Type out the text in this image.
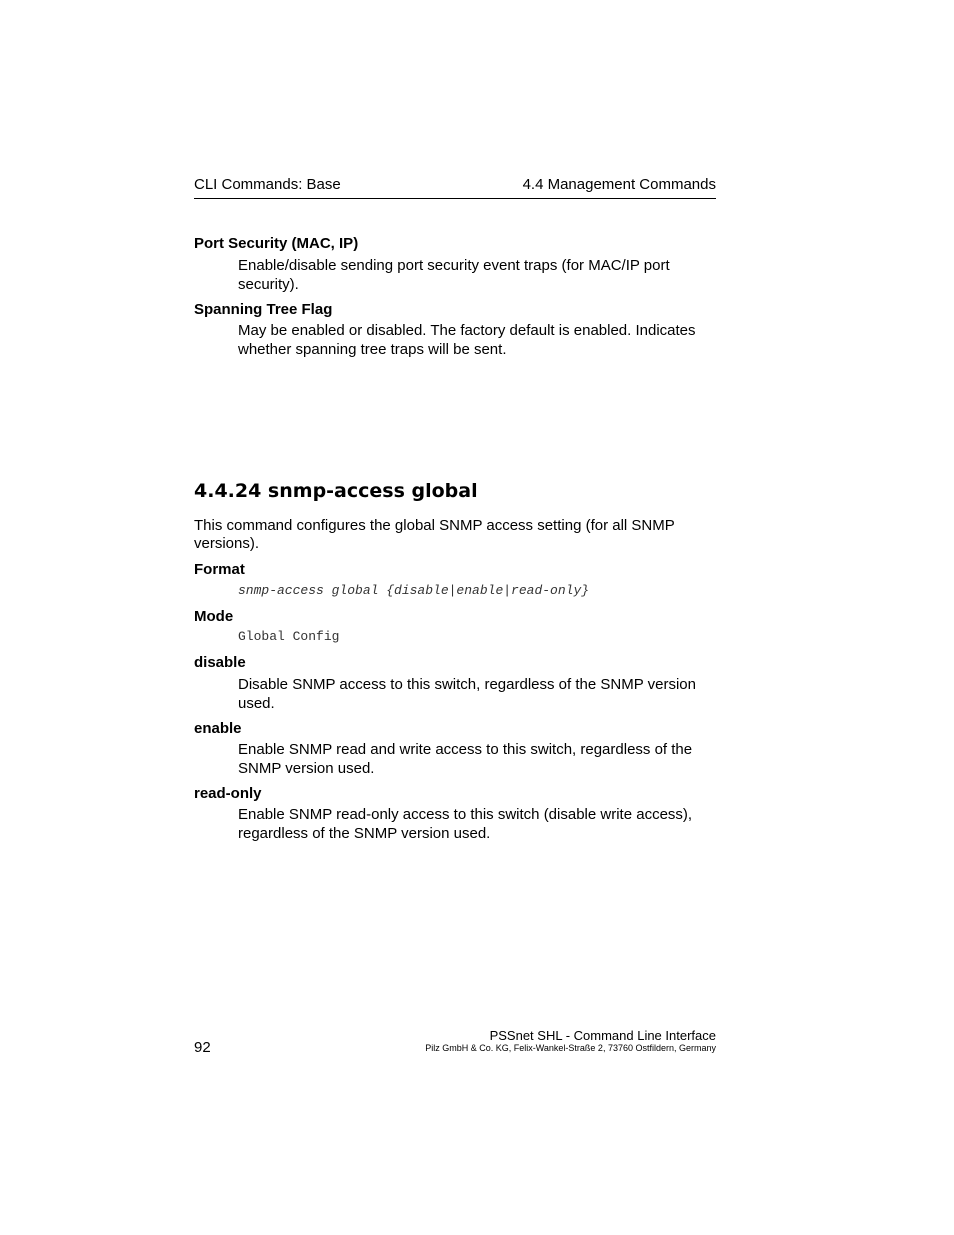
CLI Commands: Base	4.4 Management Commands
Port Security (MAC, IP)
Enable/disable sending port security event traps (for MAC/IP port security).
Spanning Tree Flag
May be enabled or disabled. The factory default is enabled. Indicates whether spanning tree traps will be sent.
4.4.24 snmp-access global
This command configures the global SNMP access setting (for all SNMP versions).
Format
snmp-access global {disable|enable|read-only}
Mode
Global Config
disable
Disable SNMP access to this switch, regardless of the SNMP version used.
enable
Enable SNMP read and write access to this switch, regardless of the SNMP version used.
read-only
Enable SNMP read-only access to this switch (disable write access), regardless of the SNMP version used.
92
PSSnet SHL - Command Line Interface
Pilz GmbH & Co. KG, Felix-Wankel-Straße 2, 73760 Ostfildern, Germany
